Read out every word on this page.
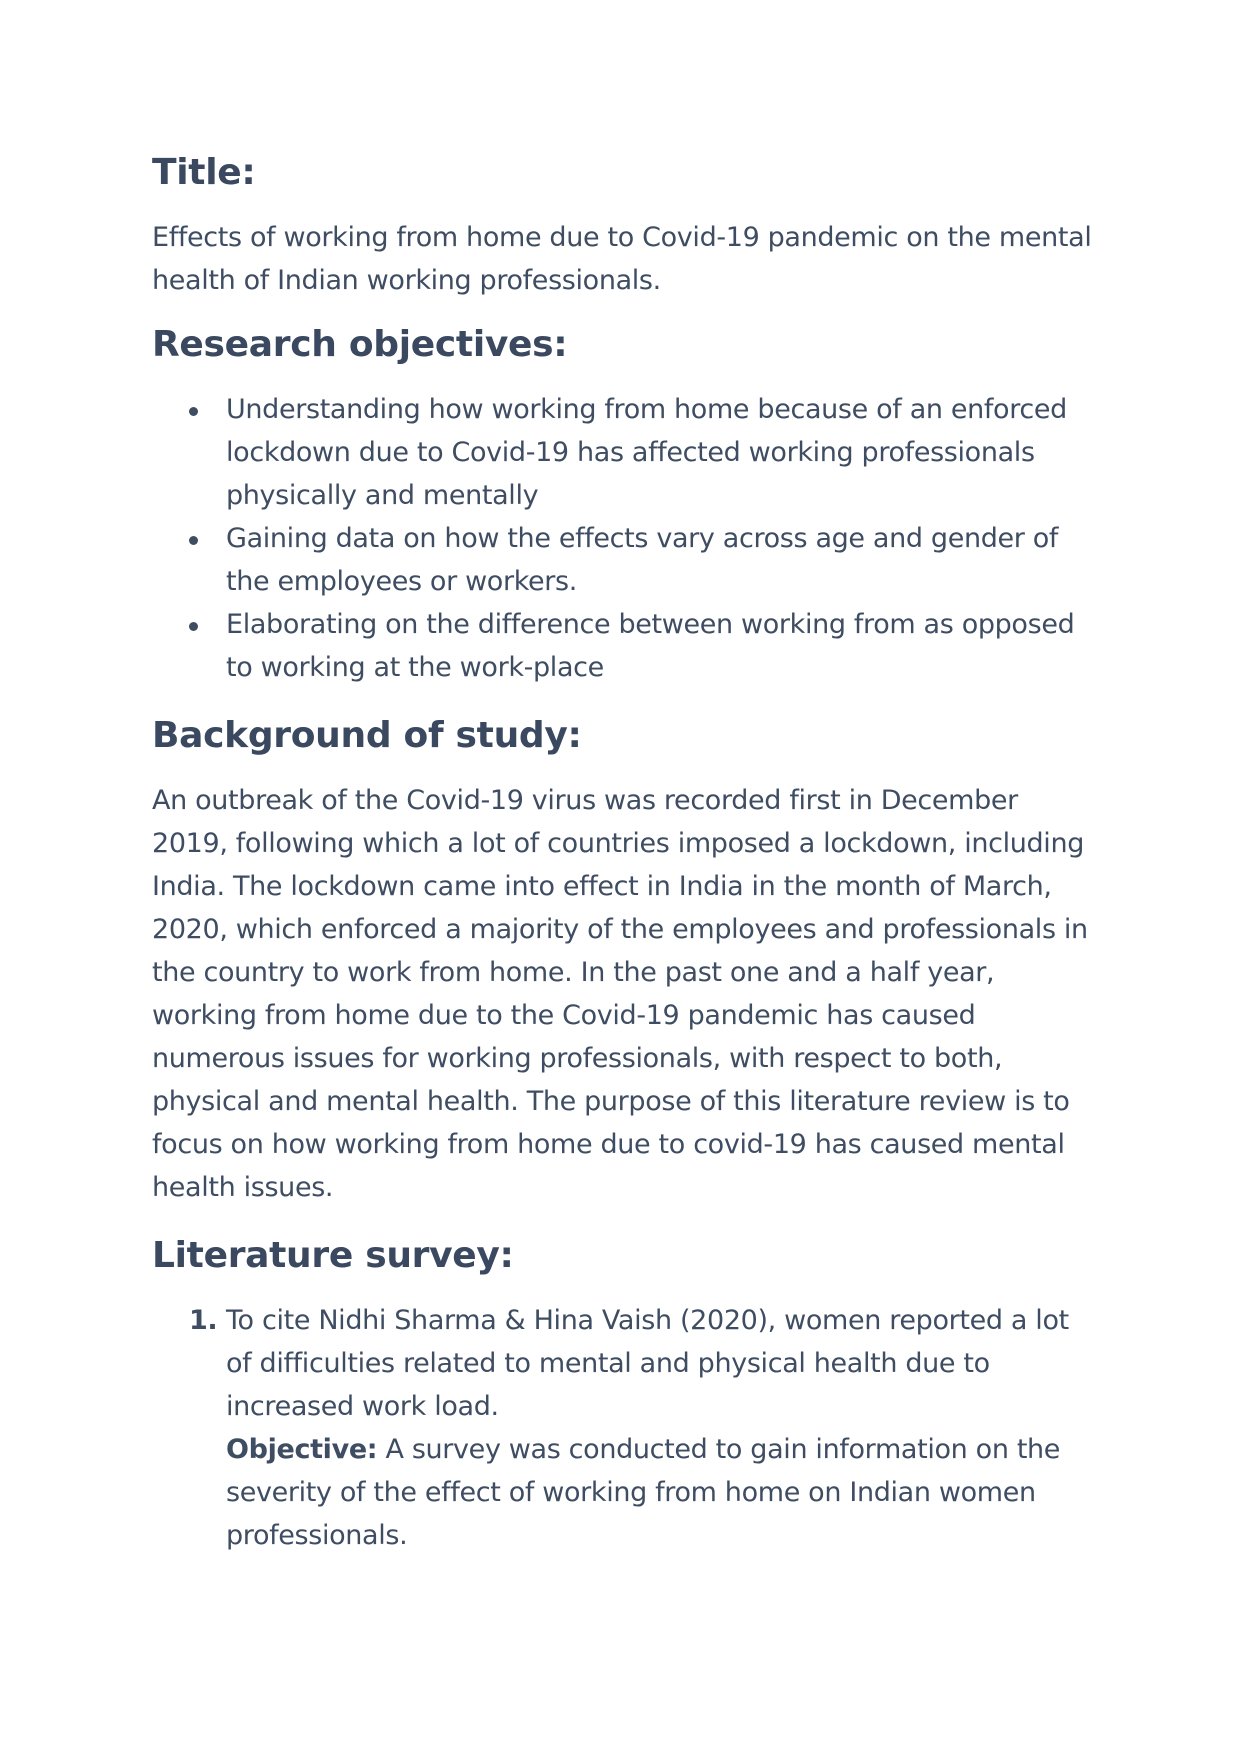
Title:

Effects of working from home due to Covid-19 pandemic on the mental health of Indian working professionals.

Research objectives:
Understanding how working from home because of an enforced lockdown due to Covid-19 has affected working professionals physically and mentally
Gaining data on how the effects vary across age and gender of the employees or workers.
Elaborating on the difference between working from as opposed to working at the work-place
Background of study:

An outbreak of the Covid-19 virus was recorded first in December 2019, following which a lot of countries imposed a lockdown, including India. The lockdown came into effect in India in the month of March, 2020, which enforced a majority of the employees and professionals in the country to work from home. In the past one and a half year, working from home due to the Covid-19 pandemic has caused numerous issues for working professionals, with respect to both, physical and mental health. The purpose of this literature review is to focus on how working from home due to covid-19 has caused mental health issues.

Literature survey:
1. To cite Nidhi Sharma & Hina Vaish (2020), women reported a lot of difficulties related to mental and physical health due to increased work load.
Objective: A survey was conducted to gain information on the severity of the effect of working from home on Indian women professionals.
